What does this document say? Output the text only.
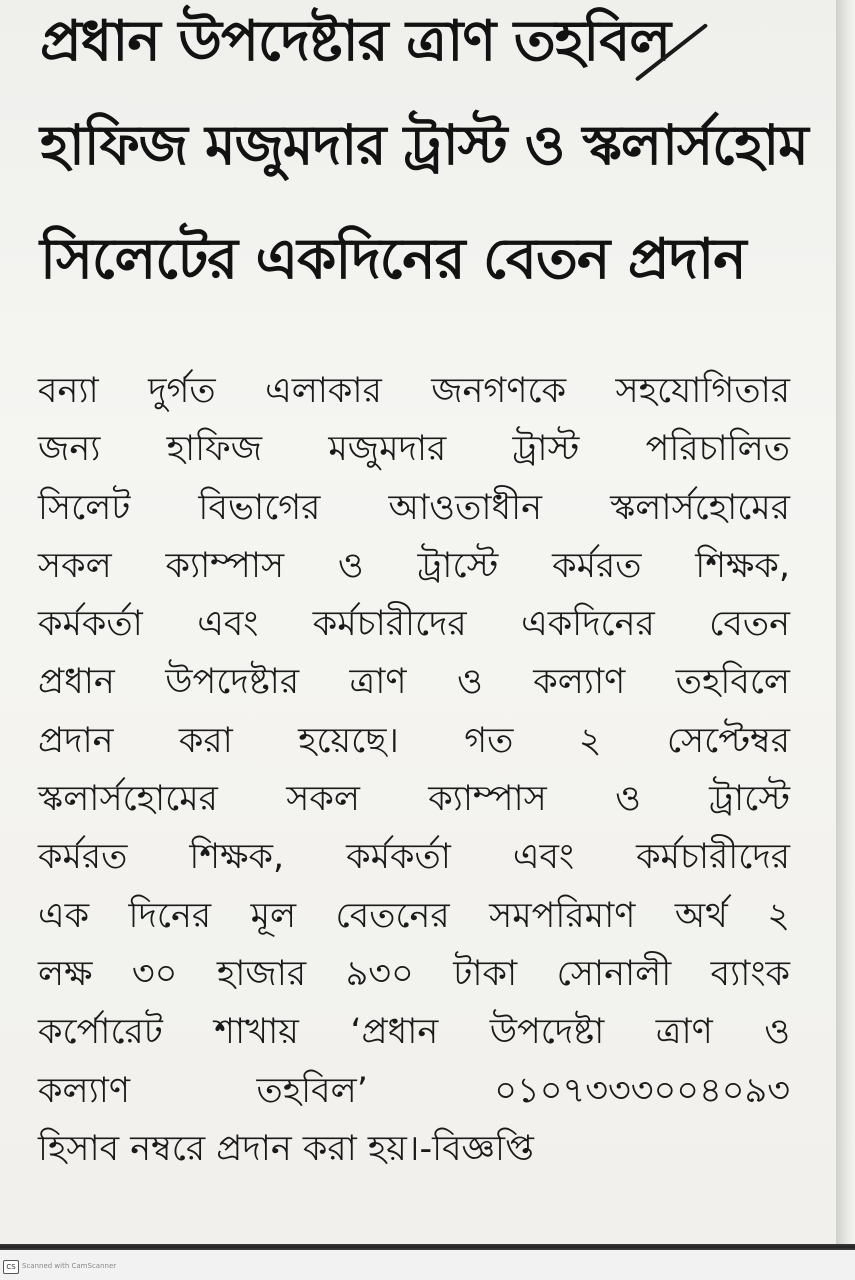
প্রধান উপদেষ্টার ত্রাণ তহবিল
হাফিজ মজুমদার ট্রাস্ট ও স্কলার্সহোম
সিলেটের একদিনের বেতন প্রদান
বন্যা দুর্গত এলাকার জনগণকে সহযোগিতার
জন্য হাফিজ মজুমদার ট্রাস্ট পরিচালিত
সিলেট বিভাগের আওতাধীন স্কলার্সহোমের
সকল ক্যাম্পাস ও ট্রাস্টে কর্মরত শিক্ষক,
কর্মকর্তা এবং কর্মচারীদের একদিনের বেতন
প্রধান উপদেষ্টার ত্রাণ ও কল্যাণ তহবিলে
প্রদান করা হয়েছে। গত ২ সেপ্টেম্বর
স্কলার্সহোমের সকল ক্যাম্পাস ও ট্রাস্টে
কর্মরত শিক্ষক, কর্মকর্তা এবং কর্মচারীদের
এক দিনের মূল বেতনের সমপরিমাণ অর্থ ২
লক্ষ ৩০ হাজার ৯৩০ টাকা সোনালী ব্যাংক
কর্পোরেট শাখায় ‘প্রধান উপদেষ্টা ত্রাণ ও
কল্যাণ তহবিল’ ০১০৭৩৩৩০০৪০৯৩
হিসাব নম্বরে প্রদান করা হয়।-বিজ্ঞপ্তি
CS Scanned with CamScanner
